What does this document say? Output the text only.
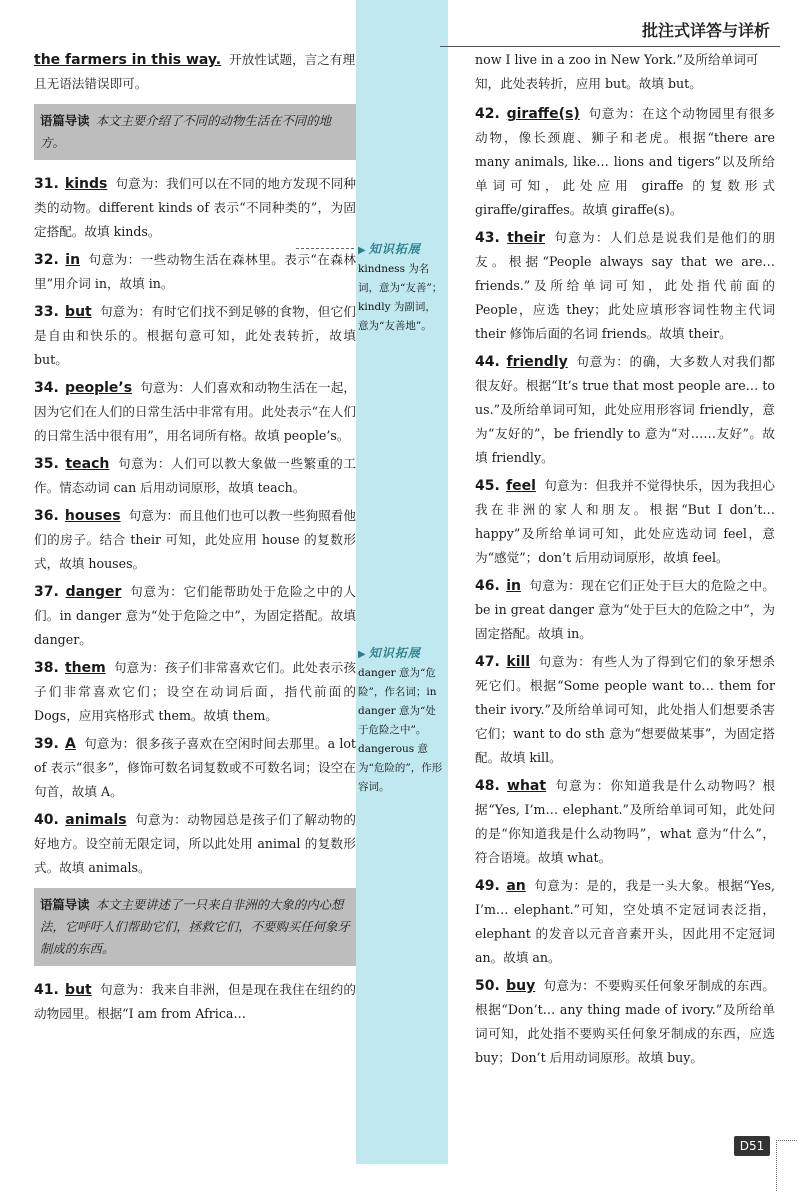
批注式详答与详析
the farmers in this way. 开放性试题，言之有理且无语法错误即可。
语篇导读 本文主要介绍了不同的动物生活在不同的地方。
31. kinds 句意为：我们可以在不同的地方发现不同种类的动物。different kinds of 表示“不同种类的”，为固定搭配。故填 kinds。
32. in 句意为：一些动物生活在森林里。表示“在森林里”用介词 in，故填 in。
33. but 句意为：有时它们找不到足够的食物，但它们是自由和快乐的。根据句意可知，此处表转折，故填 but。
34. people’s 句意为：人们喜欢和动物生活在一起，因为它们在人们的日常生活中非常有用。此处表示“在人们的日常生活中很有用”，用名词所有格。故填 people’s。
35. teach 句意为：人们可以教大象做一些繁重的工作。情态动词 can 后用动词原形，故填 teach。
36. houses 句意为：而且他们也可以教一些狗照看他们的房子。结合 their 可知，此处应用 house 的复数形式，故填 houses。
37. danger 句意为：它们能帮助处于危险之中的人们。in danger 意为“处于危险之中”，为固定搭配。故填 danger。
38. them 句意为：孩子们非常喜欢它们。此处表示孩子们非常喜欢它们；设空在动词后面，指代前面的 Dogs，应用宾格形式 them。故填 them。
39. A 句意为：很多孩子喜欢在空闲时间去那里。a lot of 表示“很多”，修饰可数名词复数或不可数名词；设空在句首，故填 A。
40. animals 句意为：动物园总是孩子们了解动物的好地方。设空前无限定词，所以此处用 animal 的复数形式。故填 animals。
语篇导读 本文主要讲述了一只来自非洲的大象的内心想法，它呼吁人们帮助它们，拯救它们，不要购买任何象牙制成的东西。
41. but 句意为：我来自非洲，但是现在我住在纽约的动物园里。根据“I am from Africa…
▶ 知识拓展
kindness 为名词，意为“友善”；kindly 为副词，意为“友善地”。
▶ 知识拓展
danger 意为“危险”，作名词；in danger 意为“处于危险之中”。dangerous 意为“危险的”，作形容词。
now I live in a zoo in New York.”及所给单词可知，此处表转折，应用 but。故填 but。
42. giraffe(s) 句意为：在这个动物园里有很多动物，像长颈鹿、狮子和老虎。根据“there are many animals, like… lions and tigers”以及所给单词可知，此处应用 giraffe 的复数形式 giraffe/giraffes。故填 giraffe(s)。
43. their 句意为：人们总是说我们是他们的朋友。根据“People always say that we are… friends.”及所给单词可知，此处指代前面的 People，应选 they；此处应填形容词性物主代词 their 修饰后面的名词 friends。故填 their。
44. friendly 句意为：的确，大多数人对我们都很友好。根据“It’s true that most people are… to us.”及所给单词可知，此处应用形容词 friendly，意为“友好的”，be friendly to 意为“对……友好”。故填 friendly。
45. feel 句意为：但我并不觉得快乐，因为我担心我在非洲的家人和朋友。根据“But I don’t… happy”及所给单词可知，此处应选动词 feel，意为“感觉”；don’t 后用动词原形，故填 feel。
46. in 句意为：现在它们正处于巨大的危险之中。be in great danger 意为“处于巨大的危险之中”，为固定搭配。故填 in。
47. kill 句意为：有些人为了得到它们的象牙想杀死它们。根据“Some people want to… them for their ivory.”及所给单词可知，此处指人们想要杀害它们；want to do sth 意为“想要做某事”，为固定搭配。故填 kill。
48. what 句意为：你知道我是什么动物吗？根据“Yes, I’m… elephant.”及所给单词可知，此处问的是“你知道我是什么动物吗”，what 意为“什么”，符合语境。故填 what。
49. an 句意为：是的，我是一头大象。根据“Yes, I’m… elephant.”可知，空处填不定冠词表泛指，elephant 的发音以元音音素开头，因此用不定冠词 an。故填 an。
50. buy 句意为：不要购买任何象牙制成的东西。根据“Don’t… any thing made of ivory.”及所给单词可知，此处指不要购买任何象牙制成的东西，应选 buy；Don’t 后用动词原形。故填 buy。
D51
